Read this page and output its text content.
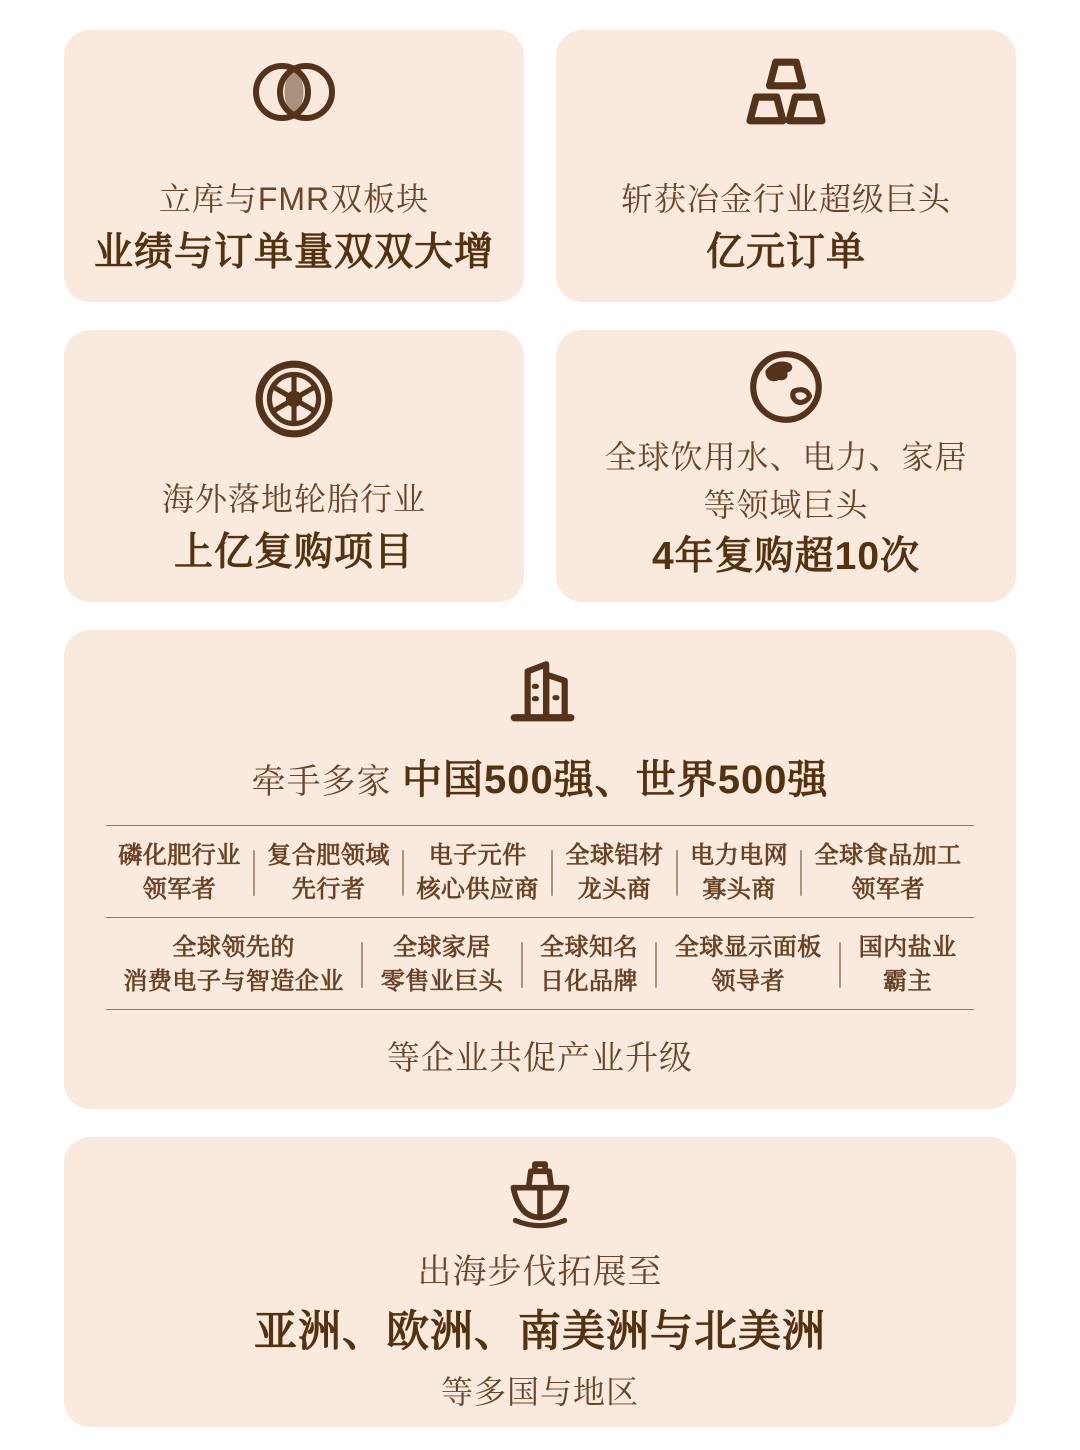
立库与FMR双板块
业绩与订单量双双大增
斩获冶金行业超级巨头
亿元订单
海外落地轮胎行业
上亿复购项目
全球饮用水、电力、家居
等领域巨头
4年复购超10次
牵手多家 中国500强、世界500强
磷化肥行业
领军者
复合肥领域
先行者
电子元件
核心供应商
全球铝材
龙头商
电力电网
寡头商
全球食品加工
领军者
全球领先的
消费电子与智造企业
全球家居
零售业巨头
全球知名
日化品牌
全球显示面板
领导者
国内盐业
霸主
等企业共促产业升级
出海步伐拓展至
亚洲、欧洲、南美洲与北美洲
等多国与地区
